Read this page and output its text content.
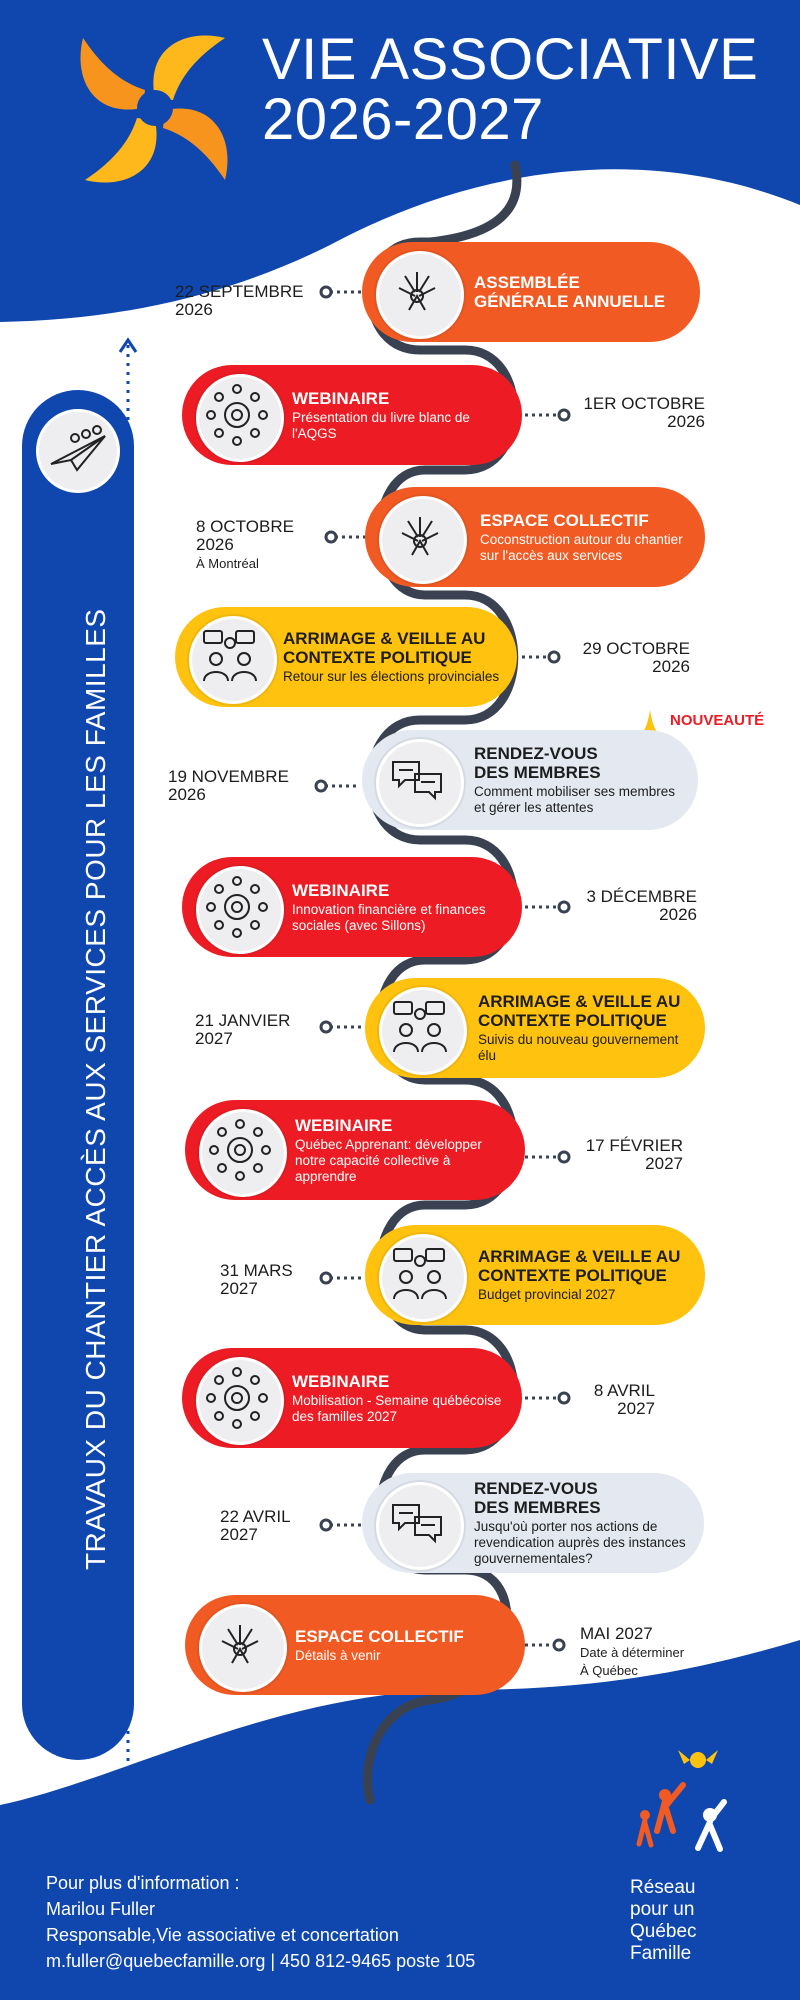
VIE ASSOCIATIVE
2026-2027
TRAVAUX DU CHANTIER ACCÈS AUX SERVICES POUR LES FAMILLES	NOUVEAUTÉ
ASSEMBLÉE
GÉNÉRALE ANNUELLE
22 SEPTEMBRE
2026
WEBINAIRE
Présentation du livre blanc de l'AQGS
1ER OCTOBRE
2026
ESPACE COLLECTIF
Coconstruction autour du chantier sur l'accès aux services
8 OCTOBRE
2026
À Montréal
ARRIMAGE & VEILLE AU
CONTEXTE POLITIQUE
Retour sur les élections provinciales
29 OCTOBRE
2026
RENDEZ-VOUS
DES MEMBRES
Comment mobiliser ses membres et gérer les attentes
19 NOVEMBRE
2026
WEBINAIRE
Innovation financière et finances sociales (avec Sillons)
3 DÉCEMBRE
2026
ARRIMAGE & VEILLE AU
CONTEXTE POLITIQUE
Suivis du nouveau gouvernement élu
21 JANVIER
2027
WEBINAIRE
Québec Apprenant: développer notre capacité collective à apprendre
17 FÉVRIER
2027
ARRIMAGE & VEILLE AU
CONTEXTE POLITIQUE
Budget provincial 2027
31 MARS
2027
WEBINAIRE
Mobilisation - Semaine québécoise des familles 2027
8 AVRIL
2027
RENDEZ-VOUS
DES MEMBRES
Jusqu'où porter nos actions de revendication auprès des instances gouvernementales?
22 AVRIL
2027
ESPACE COLLECTIF
Détails à venir
MAI 2027
Date à déterminer
À Québec
Pour plus d'information :
Marilou Fuller
Responsable,Vie associative et concertation
m.fuller@quebecfamille.org | 450 812-9465 poste 105
Réseau
pour un
Québec
Famille
